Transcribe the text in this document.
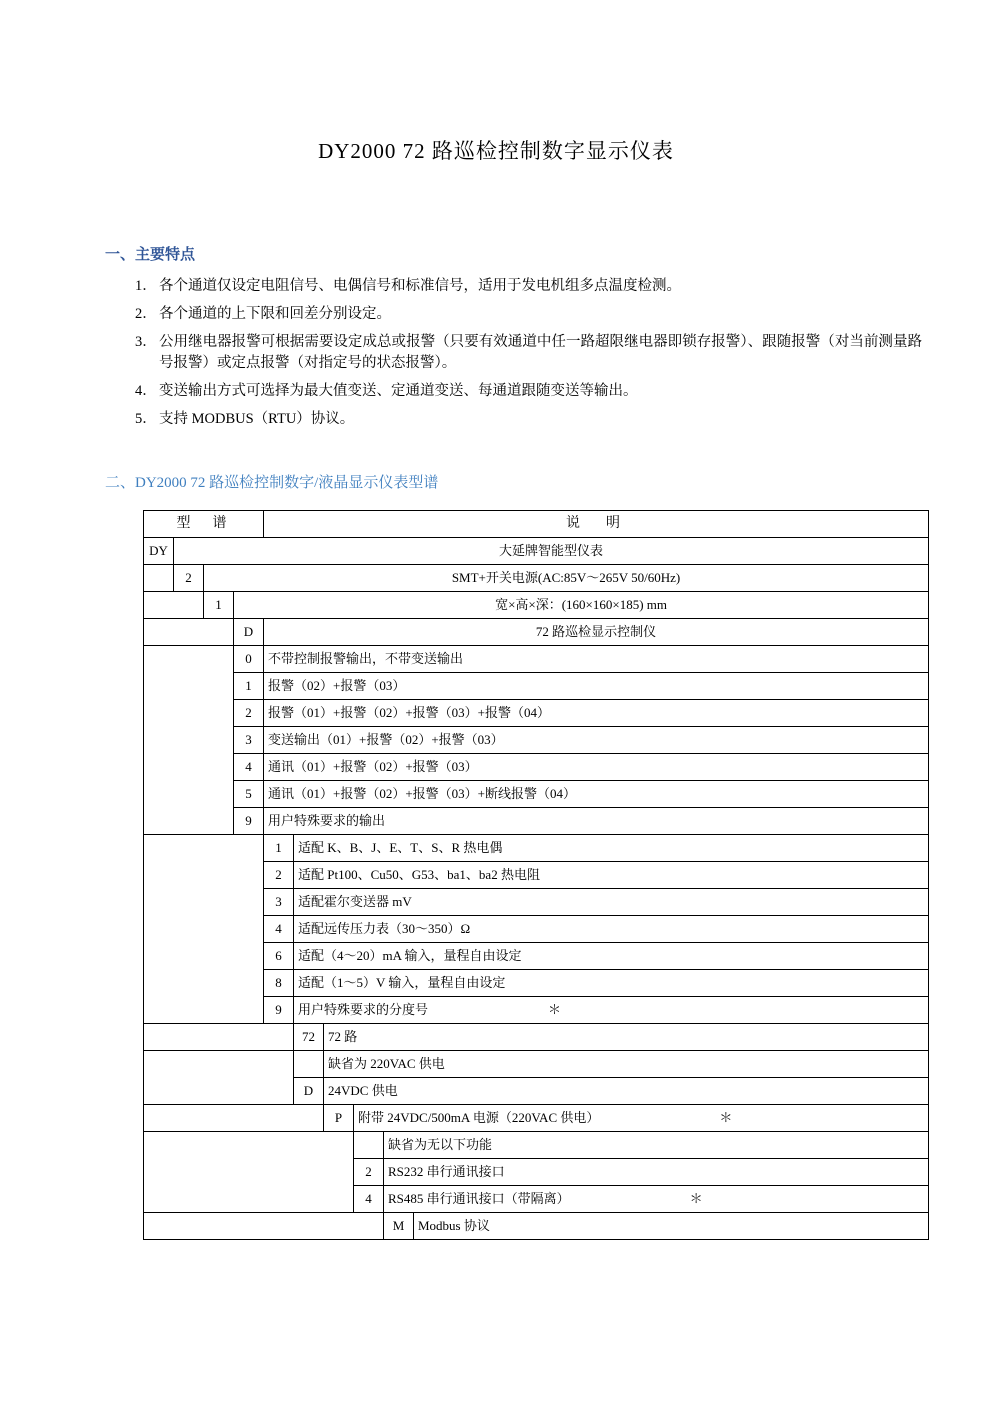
DY2000 72 路巡检控制数字显示仪表
一、主要特点
1． 各个通道仅设定电阻信号、电偶信号和标准信号，适用于发电机组多点温度检测。
2． 各个通道的上下限和回差分别设定。
3． 公用继电器报警可根据需要设定成总或报警（只要有效通道中任一路超限继电器即锁存报警）、跟随报警（对当前测量路号报警）或定点报警（对指定号的状态报警）。
4． 变送输出方式可选择为最大值变送、定通道变送、每通道跟随变送等输出。
5． 支持 MODBUS（RTU）协议。
二、DY2000 72 路巡检控制数字/液晶显示仪表型谱
型　谱				说　明					
DY	大延牌智能型仪表								
	2	SMT+开关电源(AC:85V～265V 50/60Hz)							
		1	宽×高×深：(160×160×185) mm						
			D	72 路巡检显示控制仪					
			0	不带控制报警输出，不带变送输出					
			1	报警（02）+报警（03）					
			2	报警（01）+报警（02）+报警（03）+报警（04）					
			3	变送输出（01）+报警（02）+报警（03）					
			4	通讯（01）+报警（02）+报警（03）					
			5	通讯（01）+报警（02）+报警（03）+断线报警（04）					
			9	用户特殊要求的输出					
				1	适配 K、B、J、E、T、S、R 热电偶				
				2	适配 Pt100、Cu50、G53、ba1、ba2 热电阻				
				3	适配霍尔变送器 mV				
				4	适配远传压力表（30～350）Ω				
				6	适配（4～20）mA 输入，量程自由设定				
				8	适配（1～5）V 输入，量程自由设定				
				9	用户特殊要求的分度号 ＊				
					72	72 路			
						缺省为 220VAC 供电			
					D	24VDC 供电			
						P	附带 24VDC/500mA 电源（220VAC 供电） ＊		
								缺省为无以下功能	
							2	RS232 串行通讯接口	
							4	RS485 串行通讯接口（带隔离） ＊	
								M	Modbus 协议
